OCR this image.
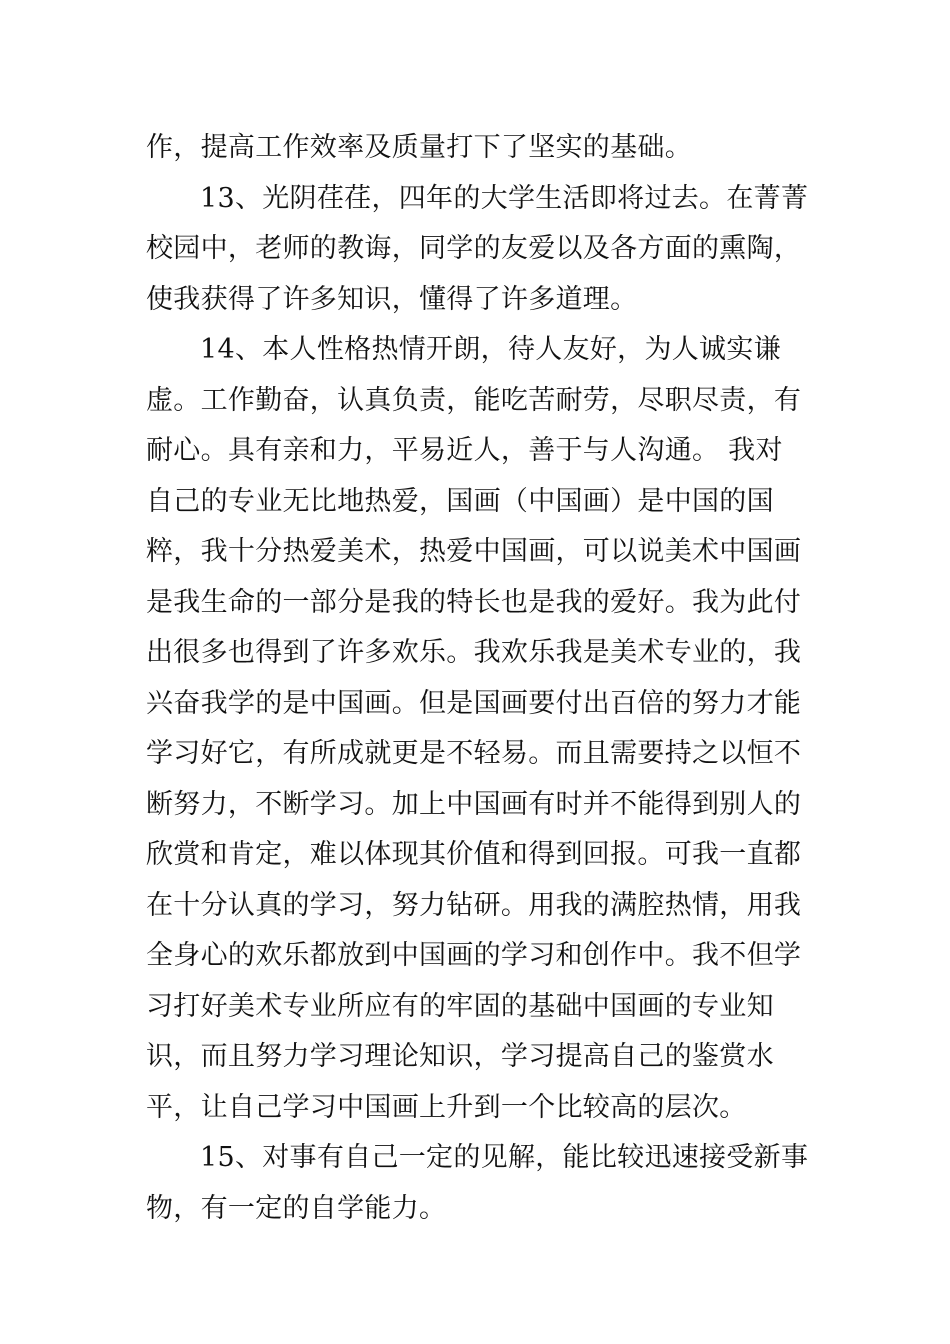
作，提高工作效率及质量打下了坚实的基础。

13、光阴荏荏，四年的大学生活即将过去。在菁菁校园中，老师的教诲，同学的友爱以及各方面的熏陶，使我获得了许多知识，懂得了许多道理。

14、本人性格热情开朗，待人友好，为人诚实谦虚。工作勤奋，认真负责，能吃苦耐劳，尽职尽责，有耐心。具有亲和力，平易近人，善于与人沟通。 我对自己的专业无比地热爱，国画（中国画）是中国的国粹，我十分热爱美术，热爱中国画，可以说美术中国画是我生命的一部分是我的特长也是我的爱好。我为此付出很多也得到了许多欢乐。我欢乐我是美术专业的，我兴奋我学的是中国画。但是国画要付出百倍的努力才能学习好它，有所成就更是不轻易。而且需要持之以恒不断努力，不断学习。加上中国画有时并不能得到别人的欣赏和肯定，难以体现其价值和得到回报。可我一直都在十分认真的学习，努力钻研。用我的满腔热情，用我全身心的欢乐都放到中国画的学习和创作中。我不但学习打好美术专业所应有的牢固的基础中国画的专业知识，而且努力学习理论知识，学习提高自己的鉴赏水平，让自己学习中国画上升到一个比较高的层次。

15、对事有自己一定的见解，能比较迅速接受新事物，有一定的自学能力。
